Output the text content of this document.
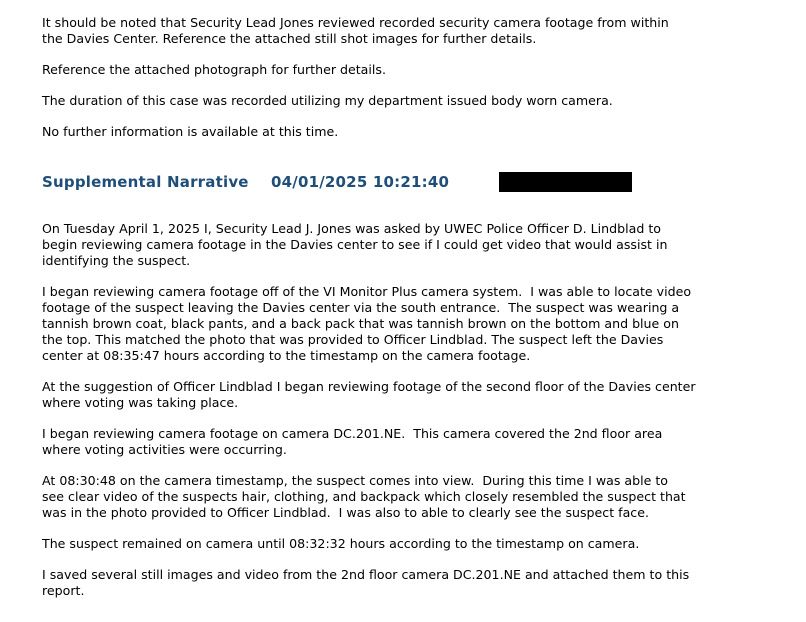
It should be noted that Security Lead Jones reviewed recorded security camera footage from within
the Davies Center. Reference the attached still shot images for further details.

Reference the attached photograph for further details.

The duration of this case was recorded utilizing my department issued body worn camera.

No further information is available at this time.

Supplemental Narrative 04/01/2025 10:21:40

On Tuesday April 1, 2025 I, Security Lead J. Jones was asked by UWEC Police Officer D. Lindblad to
begin reviewing camera footage in the Davies center to see if I could get video that would assist in
identifying the suspect.

I began reviewing camera footage off of the VI Monitor Plus camera system.  I was able to locate video
footage of the suspect leaving the Davies center via the south entrance.  The suspect was wearing a
tannish brown coat, black pants, and a back pack that was tannish brown on the bottom and blue on
the top. This matched the photo that was provided to Officer Lindblad. The suspect left the Davies
center at 08:35:47 hours according to the timestamp on the camera footage.

At the suggestion of Officer Lindblad I began reviewing footage of the second floor of the Davies center
where voting was taking place.

I began reviewing camera footage on camera DC.201.NE.  This camera covered the 2nd floor area
where voting activities were occurring.

At 08:30:48 on the camera timestamp, the suspect comes into view.  During this time I was able to
see clear video of the suspects hair, clothing, and backpack which closely resembled the suspect that
was in the photo provided to Officer Lindblad.  I was also to able to clearly see the suspect face.

The suspect remained on camera until 08:32:32 hours according to the timestamp on camera.

I saved several still images and video from the 2nd floor camera DC.201.NE and attached them to this
report.
